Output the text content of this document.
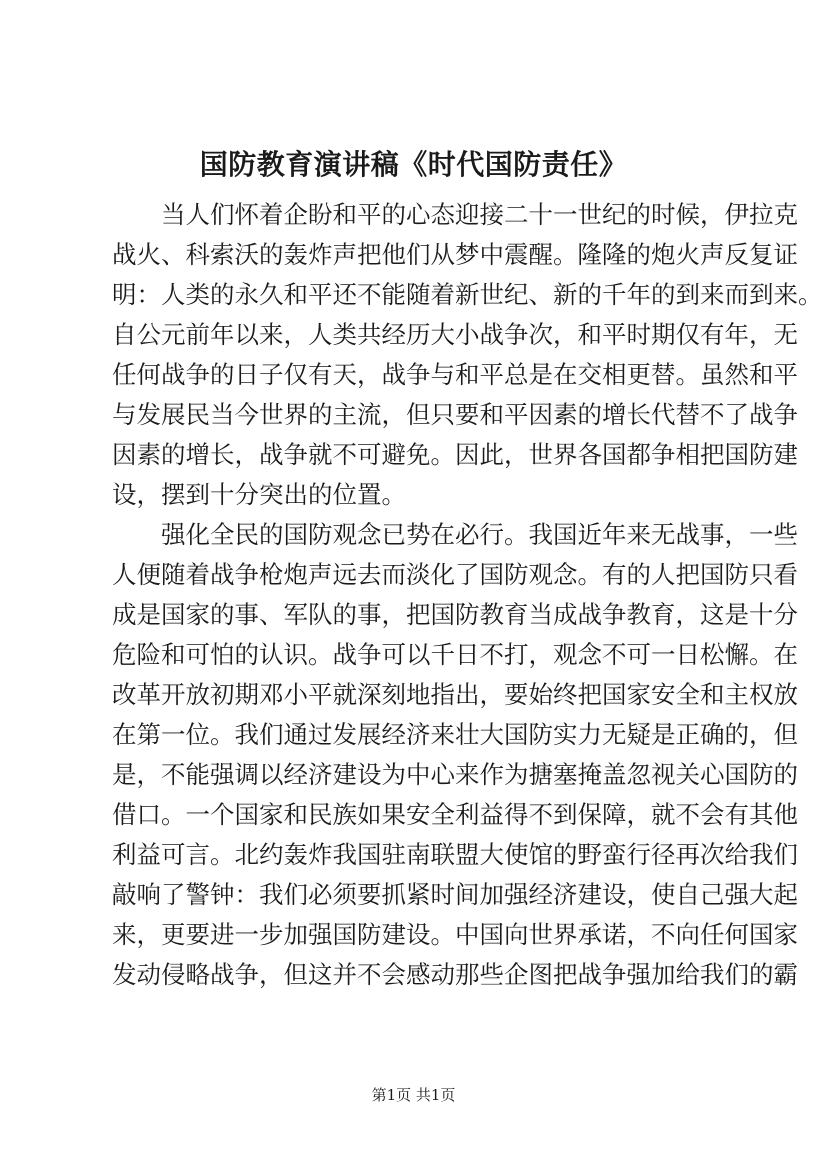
国防教育演讲稿《时代国防责任》
当人们怀着企盼和平的心态迎接二十一世纪的时候，伊拉克
战火、科索沃的轰炸声把他们从梦中震醒。隆隆的炮火声反复证
明：人类的永久和平还不能随着新世纪、新的千年的到来而到来。
自公元前年以来，人类共经历大小战争次，和平时期仅有年，无
任何战争的日子仅有天，战争与和平总是在交相更替。虽然和平
与发展民当今世界的主流，但只要和平因素的增长代替不了战争
因素的增长，战争就不可避免。因此，世界各国都争相把国防建
设，摆到十分突出的位置。
强化全民的国防观念已势在必行。我国近年来无战事，一些
人便随着战争枪炮声远去而淡化了国防观念。有的人把国防只看
成是国家的事、军队的事，把国防教育当成战争教育，这是十分
危险和可怕的认识。战争可以千日不打，观念不可一日松懈。在
改革开放初期邓小平就深刻地指出，要始终把国家安全和主权放
在第一位。我们通过发展经济来壮大国防实力无疑是正确的，但
是，不能强调以经济建设为中心来作为搪塞掩盖忽视关心国防的
借口。一个国家和民族如果安全利益得不到保障，就不会有其他
利益可言。北约轰炸我国驻南联盟大使馆的野蛮行径再次给我们
敲响了警钟：我们必须要抓紧时间加强经济建设，使自己强大起
来，更要进一步加强国防建设。中国向世界承诺，不向任何国家
发动侵略战争，但这并不会感动那些企图把战争强加给我们的霸
第1页 共1页
